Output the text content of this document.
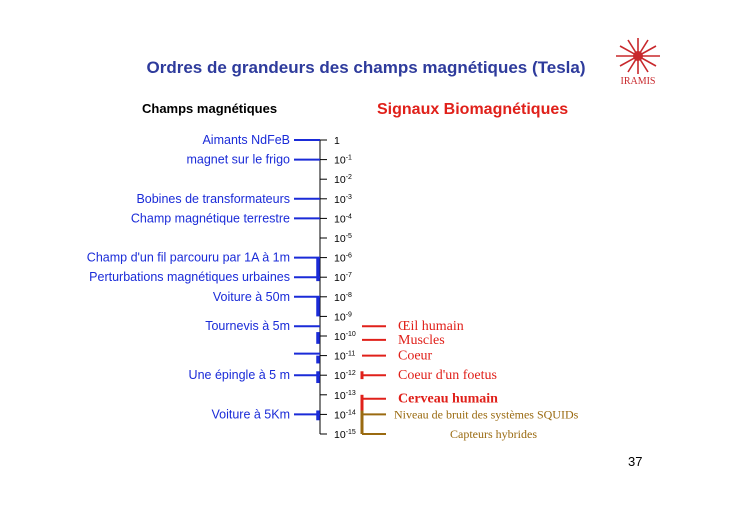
Ordres de grandeurs des champs magnétiques (Tesla)
Champs magnétiques	Signaux Biomagnétiques
IRAMIS
1
$10^{-1}$
$10^{-2}$
$10^{-3}$
$10^{-4}$
$10^{-5}$
$10^{-6}$
$10^{-7}$
$10^{-8}$
$10^{-9}$
$10^{-10}$
$10^{-11}$
$10^{-12}$
$10^{-13}$
$10^{-14}$
$10^{-15}$
Aimants NdFeB
magnet sur le frigo
Bobines de transformateurs
Champ magnétique terrestre
Champ d'un fil parcouru par 1A à 1m
Perturbations magnétiques urbaines
Voiture à 50m
Tournevis à 5m
Une épingle à 5 m
Voiture à 5Km
Œil humain
Muscles
Coeur
Coeur d'un foetus
Cerveau humain
Niveau de bruit des systèmes SQUIDs
Capteurs hybrides
37
